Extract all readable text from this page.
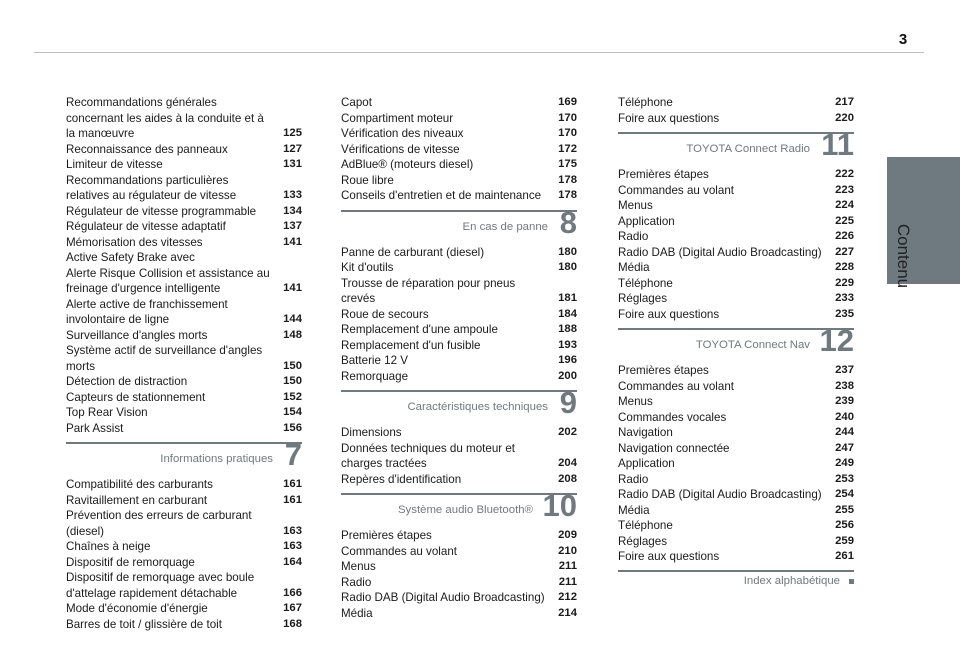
3
Contenu
Recommandations générales concernant les aides à la conduite et à la manœuvre	125
Reconnaissance des panneaux	127
Limiteur de vitesse	131
Recommandations particulières relatives au régulateur de vitesse	133
Régulateur de vitesse programmable 134
Régulateur de vitesse adaptatif	137
Mémorisation des vitesses	141
Active Safety Brake avec
Alerte Risque Collision et assistance au freinage d'urgence intelligente	141
Alerte active de franchissement involontaire de ligne	144
Surveillance d'angles morts	148
Système actif de surveillance d'angles morts	150
Détection de distraction	150
Capteurs de stationnement	152
Top Rear Vision	154
Park Assist	156
Informations pratiques 7
Compatibilité des carburants	161
Ravitaillement en carburant	161
Prévention des erreurs de carburant (diesel)	163
Chaînes à neige	163
Dispositif de remorquage	164
Dispositif de remorquage avec boule d'attelage rapidement détachable	166
Mode d'économie d'énergie	167
Barres de toit / glissière de toit	168
Capot	169
Compartiment moteur	170
Vérification des niveaux	170
Vérifications de vitesse	172
AdBlue® (moteurs diesel)	175
Roue libre	178
Conseils d'entretien et de maintenance 178
En cas de panne 8
Panne de carburant (diesel)	180
Kit d'outils	180
Trousse de réparation pour pneus crevés	181
Roue de secours	184
Remplacement d'une ampoule	188
Remplacement d'un fusible	193
Batterie 12 V	196
Remorquage	200
Caractéristiques techniques 9
Dimensions	202
Données techniques du moteur et charges tractées	204
Repères d'identification	208
Système audio Bluetooth® 10
Premières étapes	209
Commandes au volant	210
Menus	211
Radio	211
Radio DAB (Digital Audio Broadcasting) 212
Média	214
Téléphone	217
Foire aux questions	220
TOYOTA Connect Radio 11
Premières étapes	222
Commandes au volant	223
Menus	224
Application	225
Radio	226
Radio DAB (Digital Audio Broadcasting) 227
Média	228
Téléphone	229
Réglages	233
Foire aux questions	235
TOYOTA Connect Nav 12
Premières étapes	237
Commandes au volant	238
Menus	239
Commandes vocales	240
Navigation	244
Navigation connectée	247
Application	249
Radio	253
Radio DAB (Digital Audio Broadcasting) 254
Média	255
Téléphone	256
Réglages	259
Foire aux questions	261
Index alphabétique
